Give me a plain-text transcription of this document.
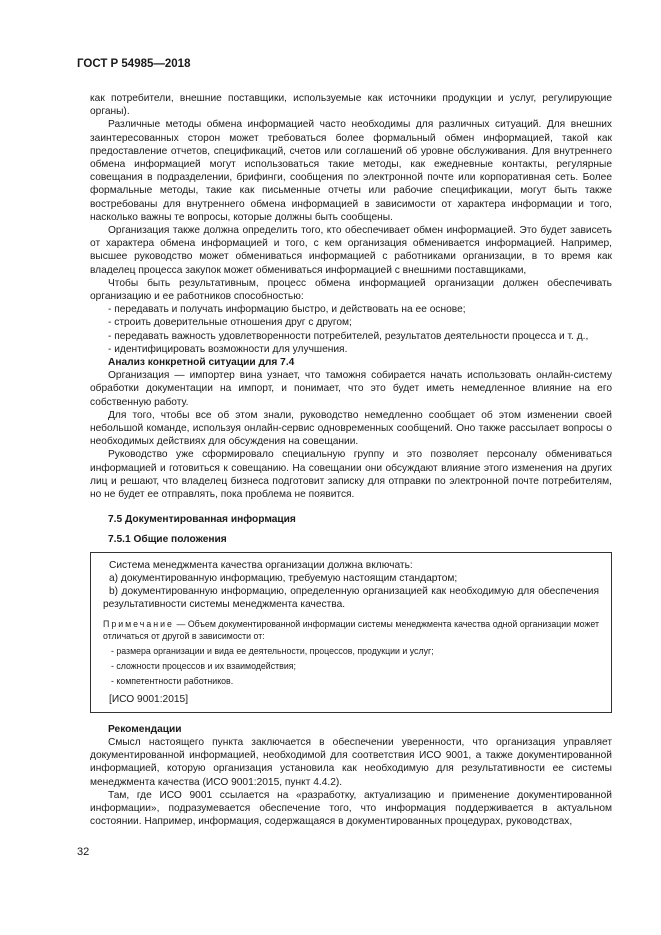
ГОСТ Р 54985—2018

как потребители, внешние поставщики, используемые как источники продукции и услуг, регулирующие органы).

Различные методы обмена информацией часто необходимы для различных ситуаций. Для внешних заинтересованных сторон может требоваться более формальный обмен информацией, такой как предоставление отчетов, спецификаций, счетов или соглашений об уровне обслуживания. Для внутреннего обмена информацией могут использоваться такие методы, как ежедневные контакты, регулярные совещания в подразделении, брифинги, сообщения по электронной почте или корпоративная сеть. Более формальные методы, такие как письменные отчеты или рабочие спецификации, могут быть также востребованы для внутреннего обмена информацией в зависимости от характера информации и того, насколько важны те вопросы, которые должны быть сообщены.

Организация также должна определить того, кто обеспечивает обмен информацией. Это будет зависеть от характера обмена информацией и того, с кем организация обменивается информацией. Например, высшее руководство может обмениваться информацией с работниками организации, в то время как владелец процесса закупок может обмениваться информацией с внешними поставщиками,

Чтобы быть результативным, процесс обмена информацией организации должен обеспечивать организацию и ее работников способностью:

- передавать и получать информацию быстро, и действовать на ее основе;

- строить доверительные отношения друг с другом;

- передавать важность удовлетворенности потребителей, результатов деятельности процесса и т. д.,

- идентифицировать возможности для улучшения.

Анализ конкретной ситуации для 7.4

Организация — импортер вина узнает, что таможня собирается начать использовать онлайн-систему обработки документации на импорт, и понимает, что это будет иметь немедленное влияние на его собственную работу.

Для того, чтобы все об этом знали, руководство немедленно сообщает об этом изменении своей небольшой команде, используя онлайн-сервис одновременных сообщений. Оно также рассылает вопросы о необходимых действиях для обсуждения на совещании.

Руководство уже сформировало специальную группу и это позволяет персоналу обмениваться информацией и готовиться к совещанию. На совещании они обсуждают влияние этого изменения на других лиц и решают, что владелец бизнеса подготовит записку для отправки по электронной почте потребителям, но не будет ее отправлять, пока проблема не появится.

7.5 Документированная информация

7.5.1 Общие положения

Система менеджмента качества организации должна включать:

a) документированную информацию, требуемую настоящим стандартом;

b) документированную информацию, определенную организацией как необходимую для обеспечения результативности системы менеджмента качества.

Примечание — Объем документированной информации системы менеджмента качества одной организации может отличаться от другой в зависимости от:

- размера организации и вида ее деятельности, процессов, продукции и услуг;

- сложности процессов и их взаимодействия;

- компетентности работников.

[ИСО 9001:2015]

Рекомендации

Смысл настоящего пункта заключается в обеспечении уверенности, что организация управляет документированной информацией, необходимой для соответствия ИСО 9001, а также документированной информацией, которую организация установила как необходимую для результативности ее системы менеджмента качества (ИСО 9001:2015, пункт 4.4.2).

Там, где ИСО 9001 ссылается на «разработку, актуализацию и применение документированной информации», подразумевается обеспечение того, что информация поддерживается в актуальном состоянии. Например, информация, содержащаяся в документированных процедурах, руководствах,

32
